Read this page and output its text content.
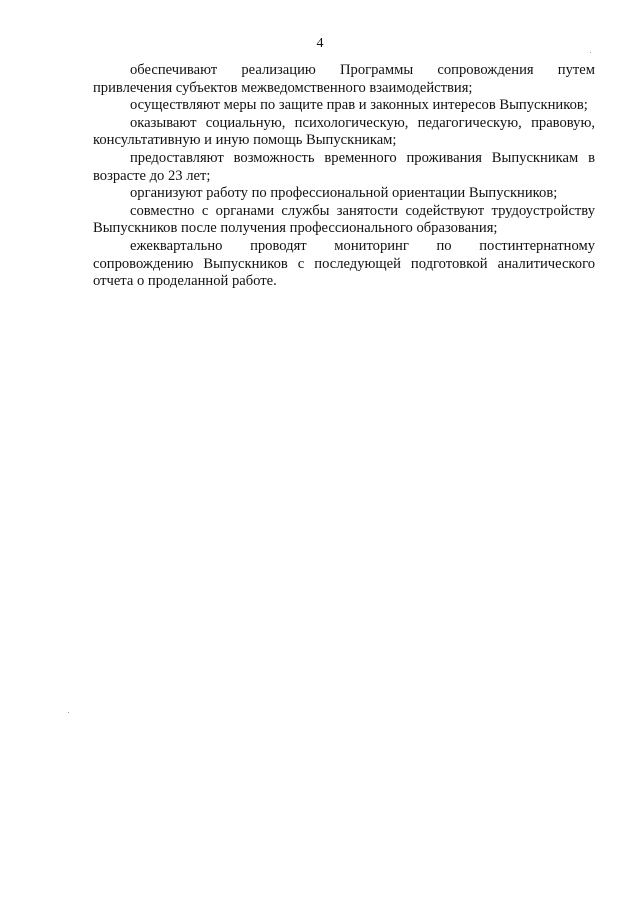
4

обеспечивают реализацию Программы сопровождения путем привлечения субъектов межведомственного взаимодействия;

осуществляют меры по защите прав и законных интересов Выпускников;

оказывают социальную, психологическую, педагогическую, правовую, консультативную и иную помощь Выпускникам;

предоставляют возможность временного проживания Выпускникам в возрасте до 23 лет;

организуют работу по профессиональной ориентации Выпускников;

совместно с органами службы занятости содействуют трудоустройству Выпускников после получения профессионального образования;

ежеквартально проводят мониторинг по постинтернатному сопровождению Выпускников с последующей подготовкой аналитического отчета о проделанной работе.
